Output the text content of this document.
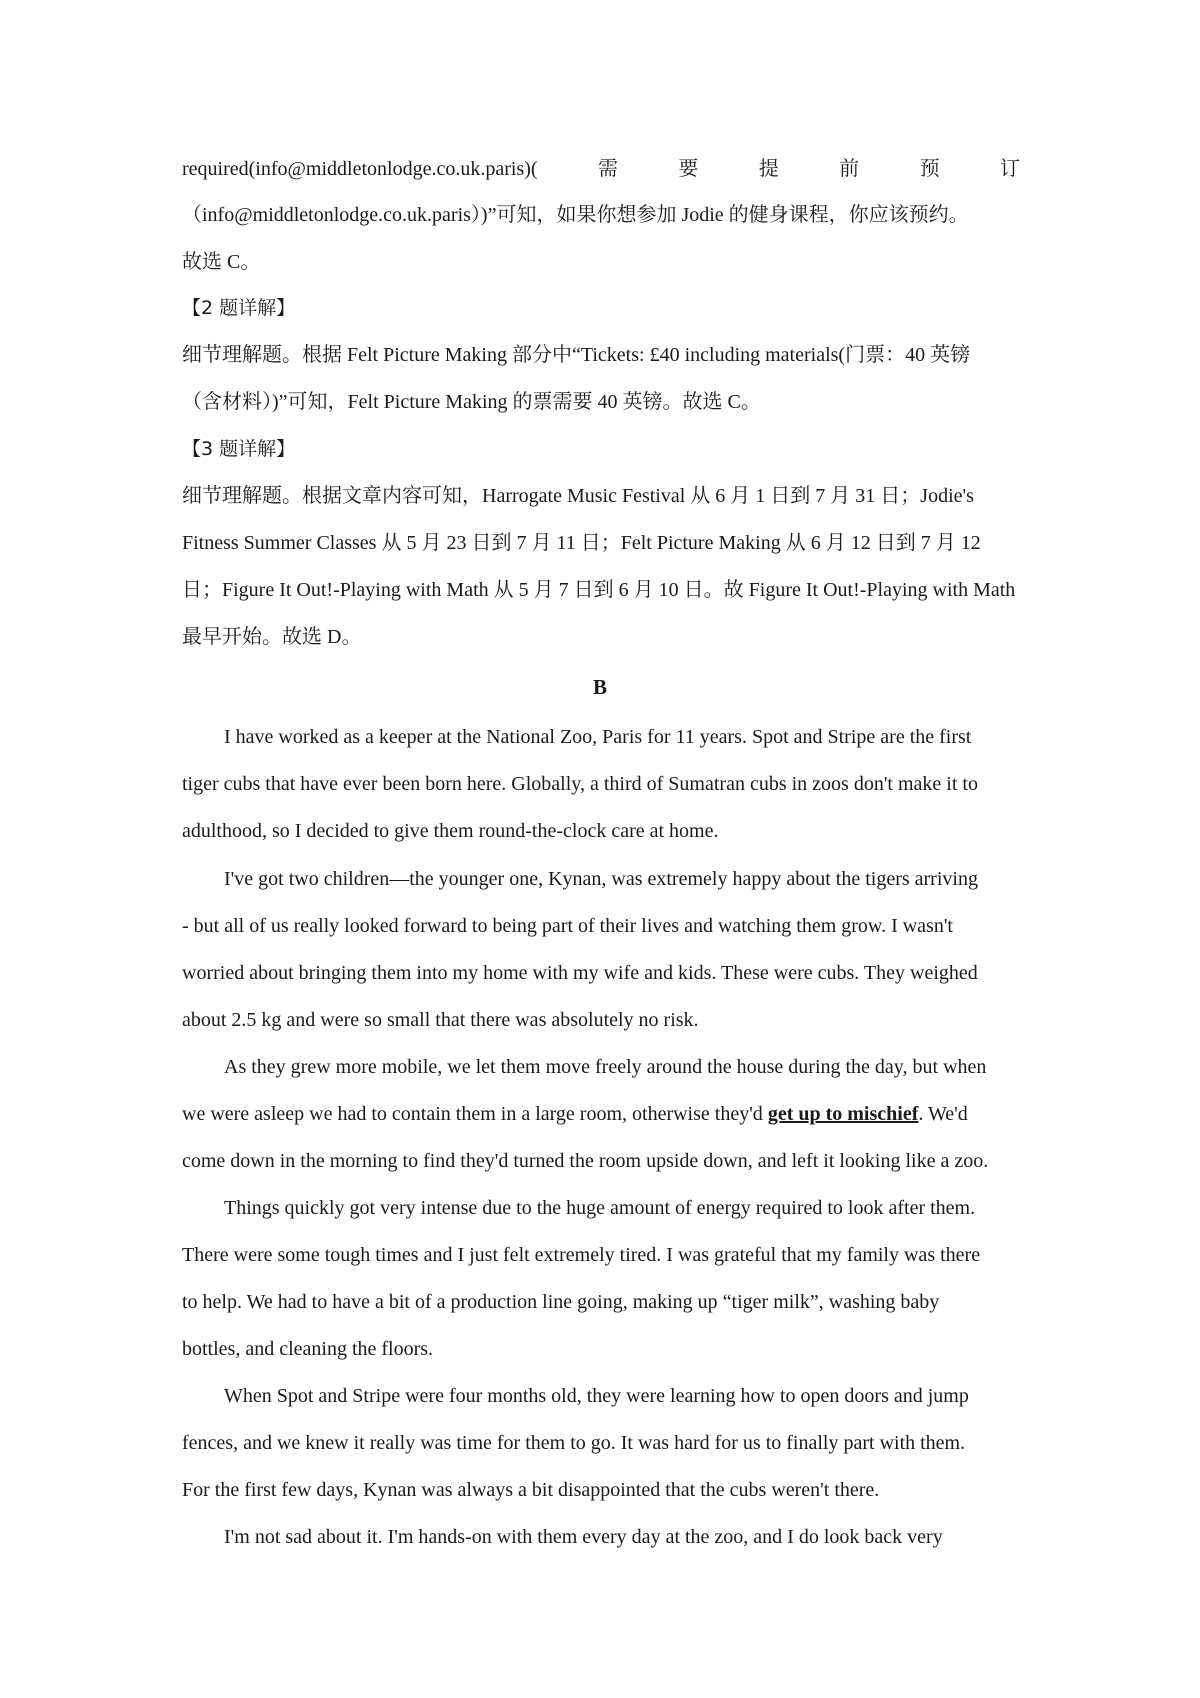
required(info@middletonlodge.co.uk.paris)(	需	要	提	前	预	订
（info@middletonlodge.co.uk.paris）)”可知，如果你想参加 Jodie 的健身课程，你应该预约。
故选 C。
【2 题详解】
细节理解题。根据 Felt Picture Making 部分中“Tickets: £40 including materials(门票：40 英镑
（含材料）)”可知，Felt Picture Making 的票需要 40 英镑。故选 C。
【3 题详解】
细节理解题。根据文章内容可知，Harrogate Music Festival 从 6 月 1 日到 7 月 31 日；Jodie's
Fitness Summer Classes 从 5 月 23 日到 7 月 11 日；Felt Picture Making 从 6 月 12 日到 7 月 12
日；Figure It Out!-Playing with Math 从 5 月 7 日到 6 月 10 日。故 Figure It Out!-Playing with Math
最早开始。故选 D。
B
I have worked as a keeper at the National Zoo, Paris for 11 years. Spot and Stripe are the first
tiger cubs that have ever been born here. Globally, a third of Sumatran cubs in zoos don't make it to
adulthood, so I decided to give them round-the-clock care at home.
I've got two children—the younger one, Kynan, was extremely happy about the tigers arriving
- but all of us really looked forward to being part of their lives and watching them grow. I wasn't
worried about bringing them into my home with my wife and kids. These were cubs. They weighed
about 2.5 kg and were so small that there was absolutely no risk.
As they grew more mobile, we let them move freely around the house during the day, but when
we were asleep we had to contain them in a large room, otherwise they'd get up to mischief. We'd
come down in the morning to find they'd turned the room upside down, and left it looking like a zoo.
Things quickly got very intense due to the huge amount of energy required to look after them.
There were some tough times and I just felt extremely tired. I was grateful that my family was there
to help. We had to have a bit of a production line going, making up “tiger milk”, washing baby
bottles, and cleaning the floors.
When Spot and Stripe were four months old, they were learning how to open doors and jump
fences, and we knew it really was time for them to go. It was hard for us to finally part with them.
For the first few days, Kynan was always a bit disappointed that the cubs weren't there.
I'm not sad about it. I'm hands-on with them every day at the zoo, and I do look back very
